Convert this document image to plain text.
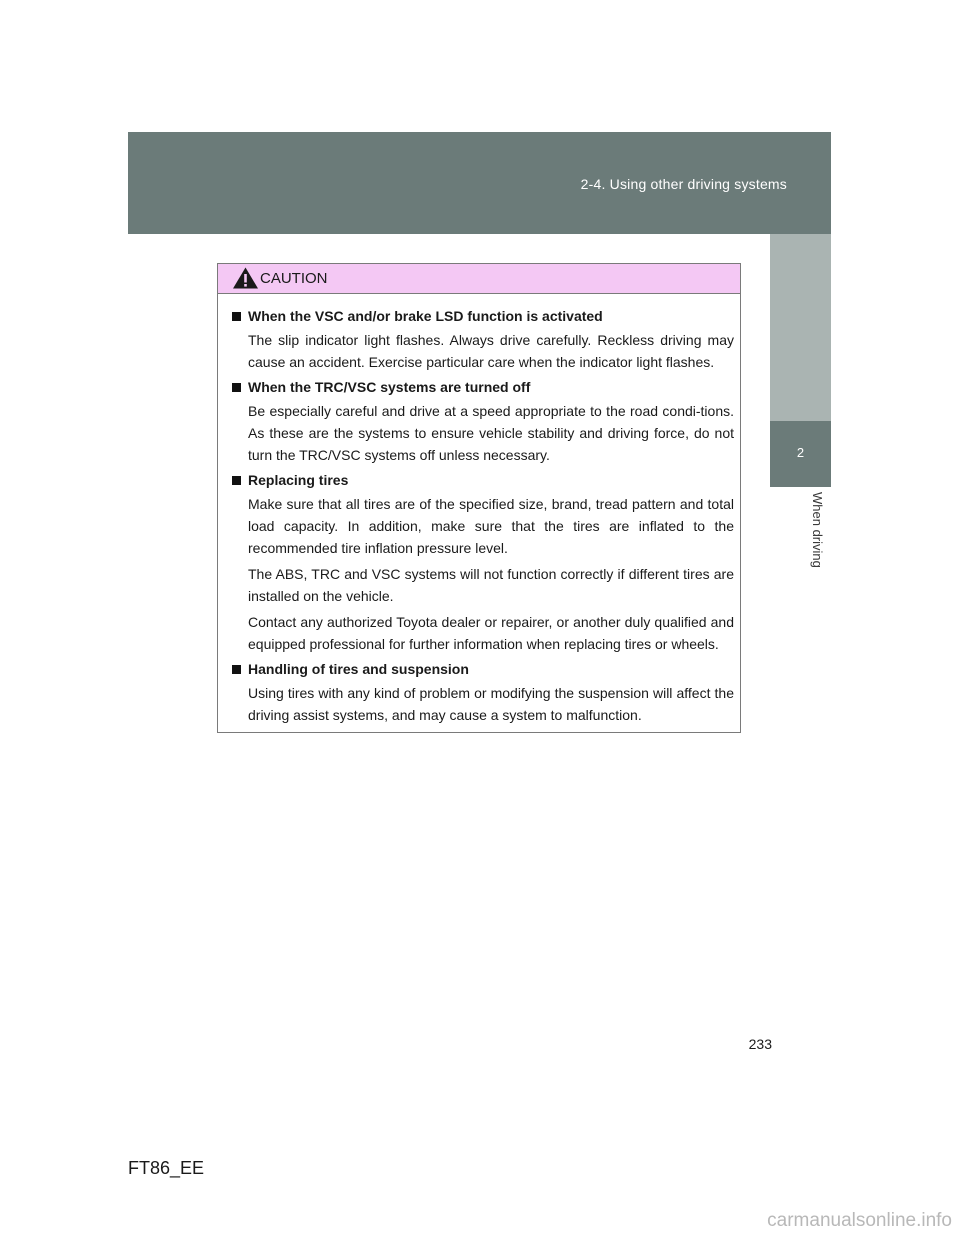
2-4. Using other driving systems
2
When driving
CAUTION
When the VSC and/or brake LSD function is activated

The slip indicator light flashes. Always drive carefully. Reckless driving may cause an accident. Exercise particular care when the indicator light flashes.

When the TRC/VSC systems are turned off

Be especially careful and drive at a speed appropriate to the road condi-tions. As these are the systems to ensure vehicle stability and driving force, do not turn the TRC/VSC systems off unless necessary.

Replacing tires

Make sure that all tires are of the specified size, brand, tread pattern and total load capacity. In addition, make sure that the tires are inflated to the recommended tire inflation pressure level.

The ABS, TRC and VSC systems will not function correctly if different tires are installed on the vehicle.

Contact any authorized Toyota dealer or repairer, or another duly qualified and equipped professional for further information when replacing tires or wheels.

Handling of tires and suspension

Using tires with any kind of problem or modifying the suspension will affect the driving assist systems, and may cause a system to malfunction.

233
FT86_EE
carmanualsonline.info
